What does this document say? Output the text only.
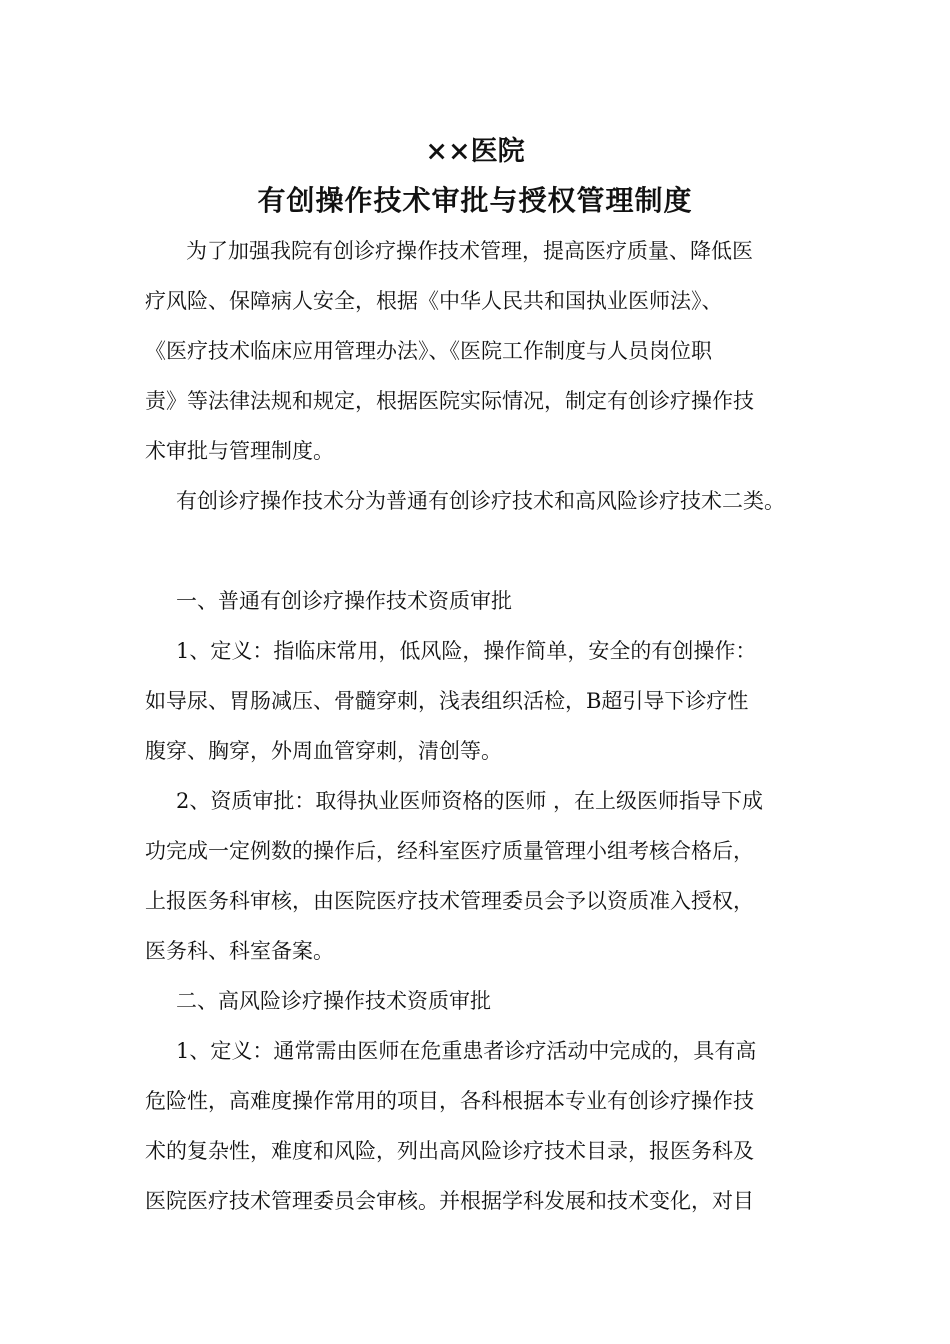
××医院
有创操作技术审批与授权管理制度
为了加强我院有创诊疗操作技术管理，提高医疗质量、降低医
疗风险、保障病人安全，根据《中华人民共和国执业医师法》、
《医疗技术临床应用管理办法》、《医院工作制度与人员岗位职
责》等法律法规和规定，根据医院实际情况，制定有创诊疗操作技
术审批与管理制度。
有创诊疗操作技术分为普通有创诊疗技术和高风险诊疗技术二类。
一、普通有创诊疗操作技术资质审批
1、定义：指临床常用，低风险，操作简单，安全的有创操作：
如导尿、胃肠减压、骨髓穿刺，浅表组织活检，B超引导下诊疗性
腹穿、胸穿，外周血管穿刺，清创等。
2、资质审批：取得执业医师资格的医师 ，在上级医师指导下成
功完成一定例数的操作后，经科室医疗质量管理小组考核合格后，
上报医务科审核，由医院医疗技术管理委员会予以资质准入授权，
医务科、科室备案。
二、高风险诊疗操作技术资质审批
1、定义：通常需由医师在危重患者诊疗活动中完成的，具有高
危险性，高难度操作常用的项目，各科根据本专业有创诊疗操作技
术的复杂性，难度和风险，列出高风险诊疗技术目录，报医务科及
医院医疗技术管理委员会审核。并根据学科发展和技术变化，对目
